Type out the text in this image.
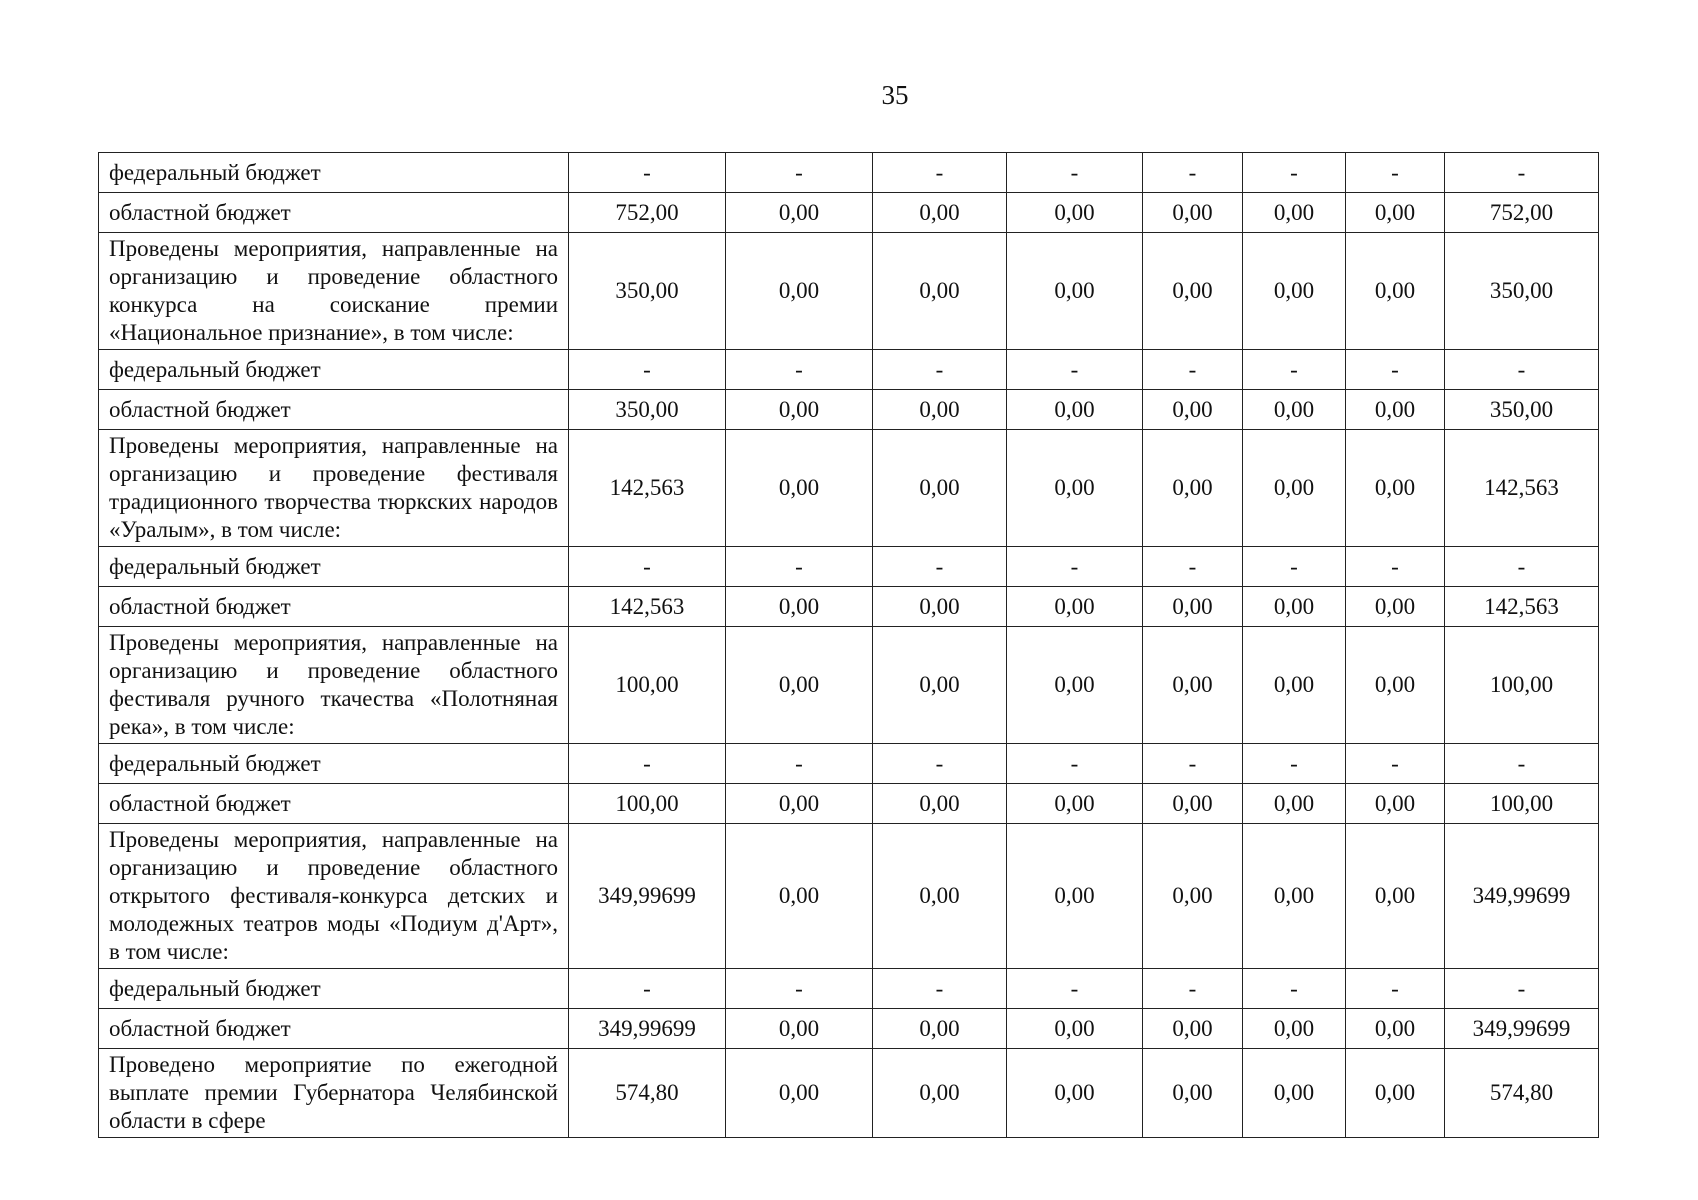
35
федеральный бюджет	-	-	-	-	-	-	-	-
областной бюджет	752,00	0,00	0,00	0,00	0,00	0,00	0,00	752,00
Проведены мероприятия, направленные на организацию и проведение областного конкурса на соискание премии «Национальное признание», в том числе:	350,00	0,00	0,00	0,00	0,00	0,00	0,00	350,00
федеральный бюджет	-	-	-	-	-	-	-	-
областной бюджет	350,00	0,00	0,00	0,00	0,00	0,00	0,00	350,00
Проведены мероприятия, направленные на организацию и проведение фестиваля традиционного творчества тюркских народов «Уралым», в том числе:	142,563	0,00	0,00	0,00	0,00	0,00	0,00	142,563
федеральный бюджет	-	-	-	-	-	-	-	-
областной бюджет	142,563	0,00	0,00	0,00	0,00	0,00	0,00	142,563
Проведены мероприятия, направленные на организацию и проведение областного фестиваля ручного ткачества «Полотняная река», в том числе:	100,00	0,00	0,00	0,00	0,00	0,00	0,00	100,00
федеральный бюджет	-	-	-	-	-	-	-	-
областной бюджет	100,00	0,00	0,00	0,00	0,00	0,00	0,00	100,00
Проведены мероприятия, направленные на организацию и проведение областного открытого фестиваля-конкурса детских и молодежных театров моды «Подиум д'Арт», в том числе:	349,99699	0,00	0,00	0,00	0,00	0,00	0,00	349,99699
федеральный бюджет	-	-	-	-	-	-	-	-
областной бюджет	349,99699	0,00	0,00	0,00	0,00	0,00	0,00	349,99699
Проведено мероприятие по ежегодной выплате премии Губернатора Челябинской области в сфере	574,80	0,00	0,00	0,00	0,00	0,00	0,00	574,80
